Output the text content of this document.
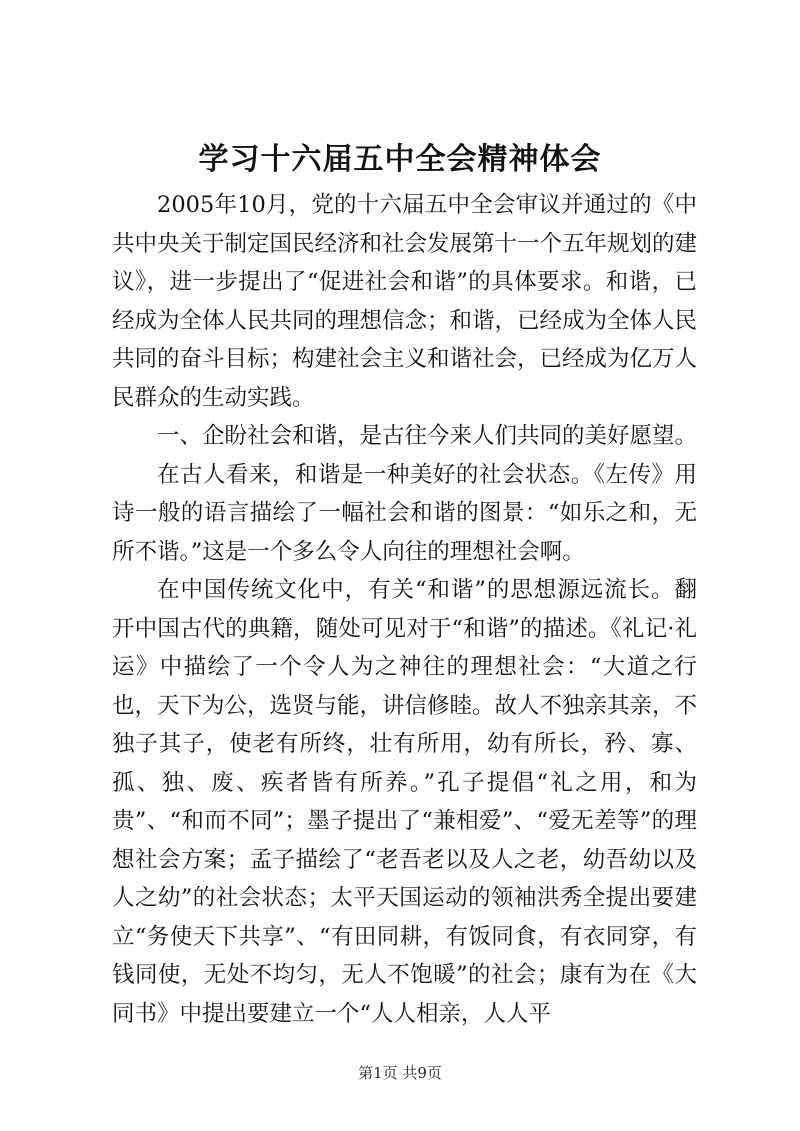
学习十六届五中全会精神体会

2005年10月，党的十六届五中全会审议并通过的《中共中央关于制定国民经济和社会发展第十一个五年规划的建议》，进一步提出了“促进社会和谐”的具体要求。和谐，已经成为全体人民共同的理想信念；和谐，已经成为全体人民共同的奋斗目标；构建社会主义和谐社会，已经成为亿万人民群众的生动实践。

一、企盼社会和谐，是古往今来人们共同的美好愿望。

在古人看来，和谐是一种美好的社会状态。《左传》用诗一般的语言描绘了一幅社会和谐的图景：“如乐之和，无所不谐。”这是一个多么令人向往的理想社会啊。

在中国传统文化中，有关“和谐”的思想源远流长。翻开中国古代的典籍，随处可见对于“和谐”的描述。《礼记·礼运》中描绘了一个令人为之神往的理想社会：“大道之行也，天下为公，选贤与能，讲信修睦。故人不独亲其亲，不独子其子，使老有所终，壮有所用，幼有所长，矜、寡、孤、独、废、疾者皆有所养。”孔子提倡“礼之用，和为贵”、“和而不同”；墨子提出了“兼相爱”、“爱无差等”的理想社会方案；孟子描绘了“老吾老以及人之老，幼吾幼以及人之幼”的社会状态；太平天国运动的领袖洪秀全提出要建立“务使天下共享”、“有田同耕，有饭同食，有衣同穿，有钱同使，无处不均匀，无人不饱暖”的社会；康有为在《大同书》中提出要建立一个“人人相亲，人人平

第1页 共9页
